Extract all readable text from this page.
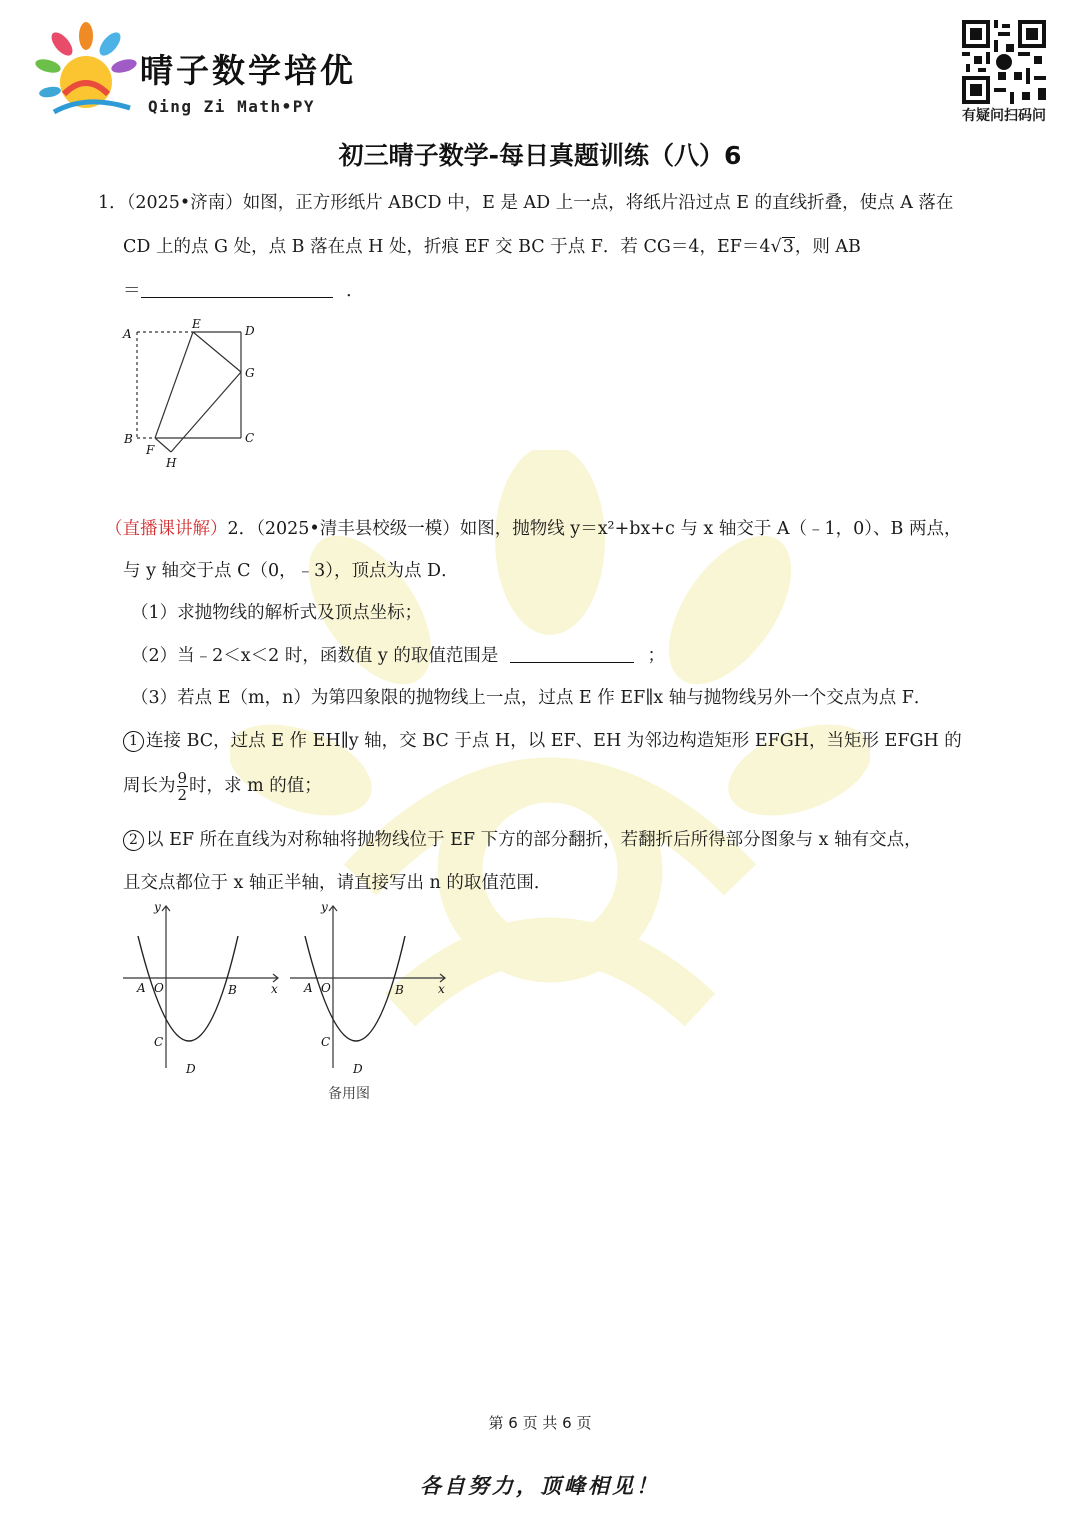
晴子数学培优
Qing Zi Math•PY	有疑问扫码问
初三晴子数学-每日真题训练（八）6
1．（2025•济南）如图，正方形纸片 ABCD 中，E 是 AD 上一点，将纸片沿过点 E 的直线折叠，使点 A 落在
CD 上的点 G 处，点 B 落在点 H 处，折痕 EF 交 BC 于点 F．若 CG＝4，EF＝4√3，则 AB
＝	．
A
E	D
G
B
F
H
C
（直播课讲解）2．（2025•清丰县校级一模）如图，抛物线 y＝x²+bx+c 与 x 轴交于 A（﹣1，0）、B 两点，
与 y 轴交于点 C（0，﹣3），顶点为点 D．
（1）求抛物线的解析式及顶点坐标；
（2）当﹣2＜x＜2 时，函数值 y 的取值范围是	；
（3）若点 E（m，n）为第四象限的抛物线上一点，过点 E 作 EF∥x 轴与抛物线另外一个交点为点 F．
1 连接 BC，过点 E 作 EH∥y 轴，交 BC 于点 H，以 EF、EH 为邻边构造矩形 EFGH，当矩形 EFGH 的
周长为 $\frac{9}{2}$ 时，求 m 的值；
2 以 EF 所在直线为对称轴将抛物线位于 EF 下方的部分翻折，若翻折后所得部分图象与 x 轴有交点，
且交点都位于 x 轴正半轴，请直接写出 n 的取值范围．
y
x
A O	B
C
D
y
x
A O	B
C
D
备用图
第 6 页 共 6 页
各自努力，顶峰相见！
